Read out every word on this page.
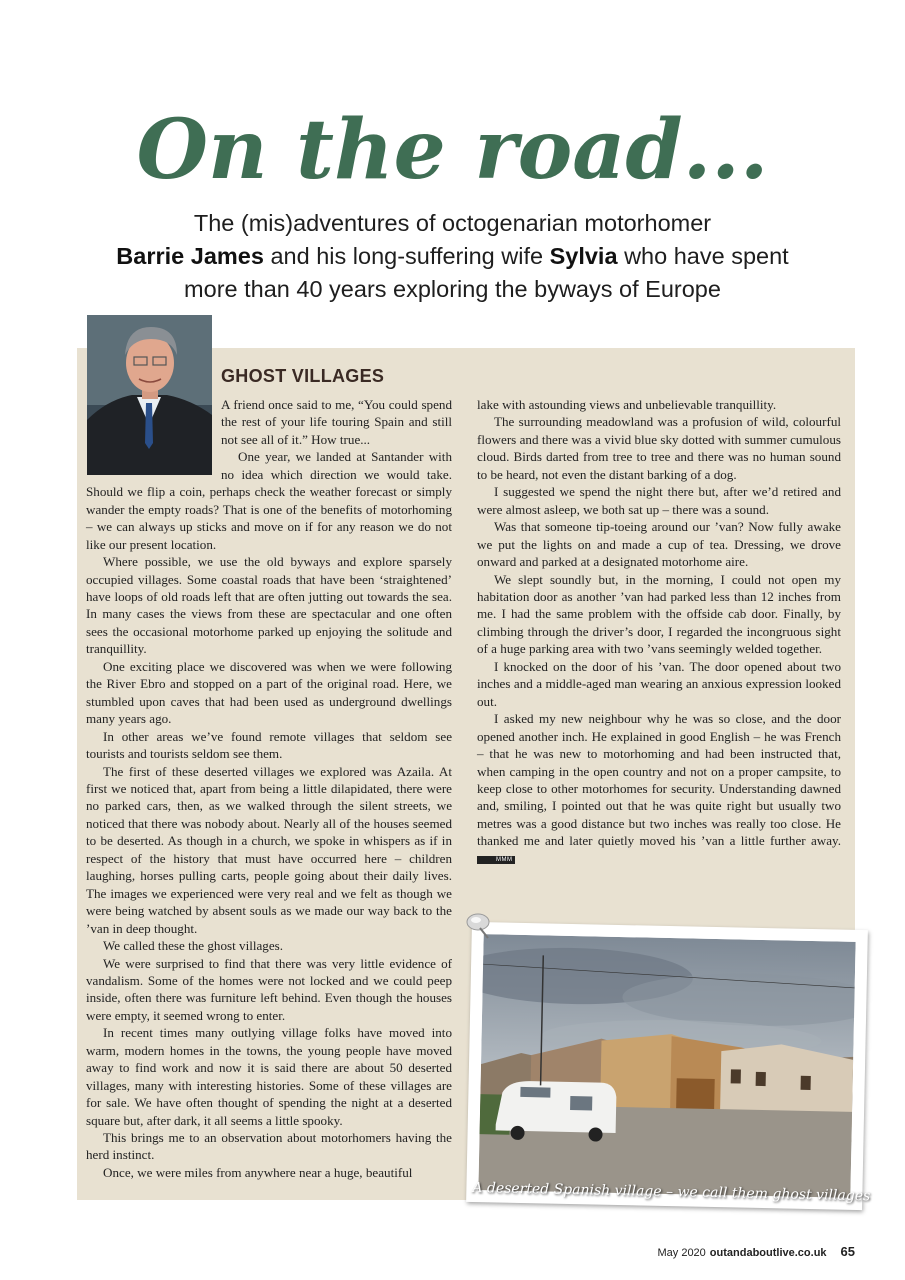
On the road...
The (mis)adventures of octogenarian motorhomer
Barrie James and his long-suffering wife Sylvia who have spent
more than 40 years exploring the byways of Europe
GHOST VILLAGES

A friend once said to me, “You could spend the rest of your life touring Spain and still not see all of it.” How true...

One year, we landed at Santander with no idea which direction we would take. Should we flip a coin, perhaps check the weather forecast or simply wander the empty roads? That is one of the benefits of motorhoming – we can always up sticks and move on if for any reason we do not like our present location.

Where possible, we use the old byways and explore sparsely occupied villages. Some coastal roads that have been ‘straightened’ have loops of old roads left that are often jutting out towards the sea. In many cases the views from these are spectacular and one often sees the occasional motorhome parked up enjoying the solitude and tranquillity.

One exciting place we discovered was when we were following the River Ebro and stopped on a part of the original road. Here, we stumbled upon caves that had been used as underground dwellings many years ago.

In other areas we’ve found remote villages that seldom see tourists and tourists seldom see them.

The first of these deserted villages we explored was Azaila. At first we noticed that, apart from being a little dilapidated, there were no parked cars, then, as we walked through the silent streets, we noticed that there was nobody about. Nearly all of the houses seemed to be deserted. As though in a church, we spoke in whispers as if in respect of the history that must have occurred here – children laughing, horses pulling carts, people going about their daily lives. The images we experienced were very real and we felt as though we were being watched by absent souls as we made our way back to the ’van in deep thought.

We called these the ghost villages.

We were surprised to find that there was very little evidence of vandalism. Some of the homes were not locked and we could peep inside, often there was furniture left behind. Even though the houses were empty, it seemed wrong to enter.

In recent times many outlying village folks have moved into warm, modern homes in the towns, the young people have moved away to find work and now it is said there are about 50 deserted villages, many with interesting histories. Some of these villages are for sale. We have often thought of spending the night at a deserted square but, after dark, it all seems a little spooky.

This brings me to an observation about motorhomers having the herd instinct.

Once, we were miles from anywhere near a huge, beautiful

lake with astounding views and unbelievable tranquillity.

The surrounding meadowland was a profusion of wild, colourful flowers and there was a vivid blue sky dotted with summer cumulous cloud. Birds darted from tree to tree and there was no human sound to be heard, not even the distant barking of a dog.

I suggested we spend the night there but, after we’d retired and were almost asleep, we both sat up – there was a sound.

Was that someone tip-toeing around our ’van? Now fully awake we put the lights on and made a cup of tea. Dressing, we drove onward and parked at a designated motorhome aire.

We slept soundly but, in the morning, I could not open my habitation door as another ’van had parked less than 12 inches from me. I had the same problem with the offside cab door. Finally, by climbing through the driver’s door, I regarded the incongruous sight of a huge parking area with two ’vans seemingly welded together.

I knocked on the door of his ’van. The door opened about two inches and a middle-aged man wearing an anxious expression looked out.

I asked my new neighbour why he was so close, and the door opened another inch. He explained in good English – he was French – that he was new to motorhoming and had been instructed that, when camping in the open country and not on a proper campsite, to keep close to other motorhomes for security. Understanding dawned and, smiling, I pointed out that he was quite right but usually two metres was a good distance but two inches was really too close. He thanked me and later quietly moved his ’van a little further away. MMM

A deserted Spanish village – we call them ghost villages
May 2020 outandaboutlive.co.uk 65
